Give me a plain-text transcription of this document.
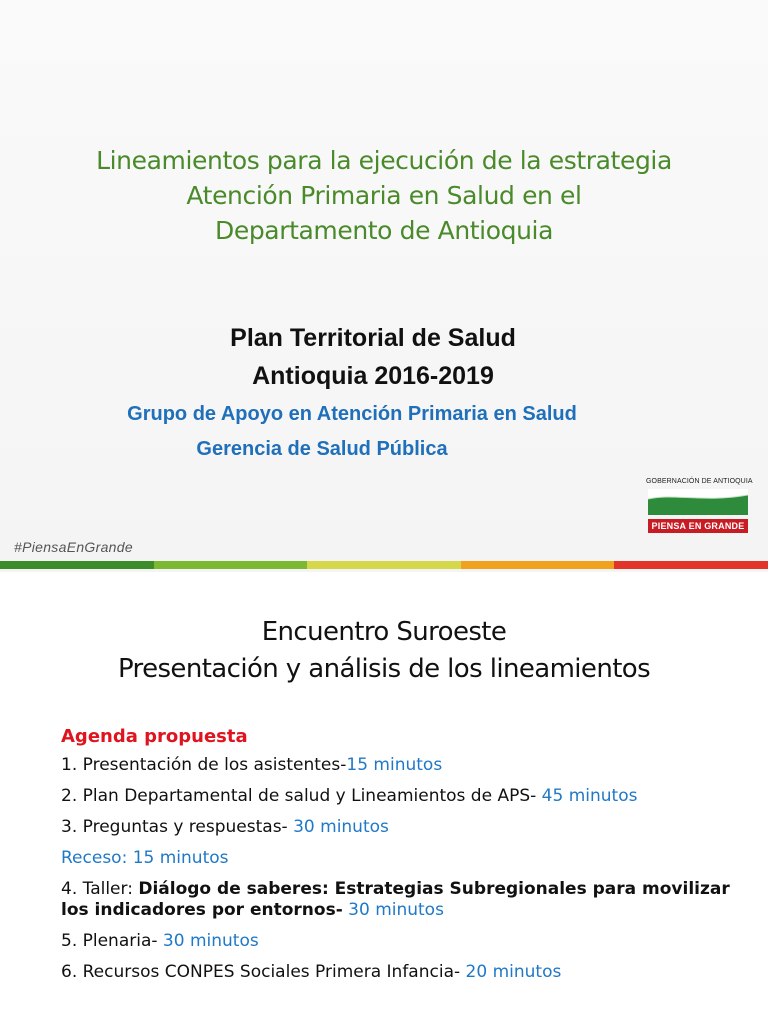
Lineamientos para la ejecución de la estrategia
Atención Primaria en Salud en el
Departamento de Antioquia
Plan Territorial de Salud
Antioquia 2016-2019
Grupo de Apoyo en Atención Primaria en Salud
Gerencia de Salud Pública
GOBERNACIÓN DE ANTIOQUIA
PIENSA EN GRANDE
#PiensaEnGrande
Encuentro Suroeste
Presentación y análisis de los lineamientos
Agenda propuesta
1. Presentación de los asistentes-15 minutos
2. Plan Departamental de salud y Lineamientos de APS- 45 minutos
3. Preguntas y respuestas- 30 minutos
Receso: 15 minutos
4. Taller: Diálogo de saberes: Estrategias Subregionales para movilizar los indicadores por entornos- 30 minutos
5. Plenaria- 30 minutos
6. Recursos CONPES Sociales Primera Infancia- 20 minutos
